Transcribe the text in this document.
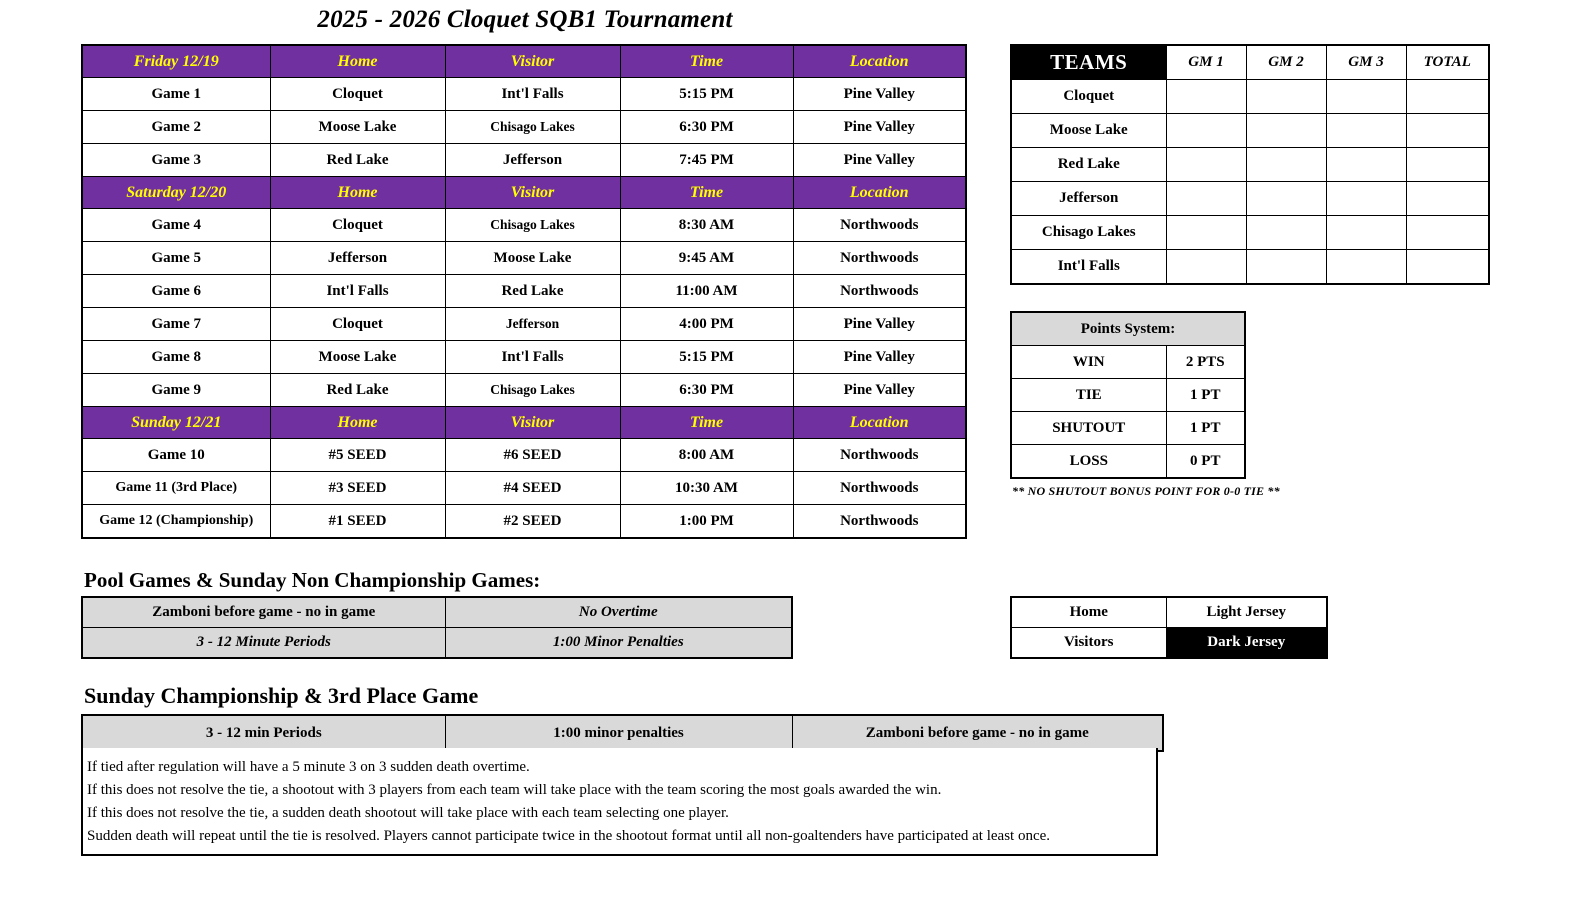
2025 - 2026 Cloquet SQB1 Tournament
Friday 12/19	Home	Visitor	Time	Location
Game 1	Cloquet	Int'l Falls	5:15 PM	Pine Valley
Game 2	Moose Lake	Chisago Lakes	6:30 PM	Pine Valley
Game 3	Red Lake	Jefferson	7:45 PM	Pine Valley
Saturday 12/20	Home	Visitor	Time	Location
Game 4	Cloquet	Chisago Lakes	8:30 AM	Northwoods
Game 5	Jefferson	Moose Lake	9:45 AM	Northwoods
Game 6	Int'l Falls	Red Lake	11:00 AM	Northwoods
Game 7	Cloquet	Jefferson	4:00 PM	Pine Valley
Game 8	Moose Lake	Int'l Falls	5:15 PM	Pine Valley
Game 9	Red Lake	Chisago Lakes	6:30 PM	Pine Valley
Sunday 12/21	Home	Visitor	Time	Location
Game 10	#5 SEED	#6 SEED	8:00 AM	Northwoods
Game 11 (3rd Place)	#3 SEED	#4 SEED	10:30 AM	Northwoods
Game 12 (Championship)	#1 SEED	#2 SEED	1:00 PM	Northwoods
TEAMS	GM 1	GM 2	GM 3	TOTAL
Cloquet				
Moose Lake				
Red Lake				
Jefferson				
Chisago Lakes				
Int'l Falls				
Points System:	
WIN	2 PTS
TIE	1 PT
SHUTOUT	1 PT
LOSS	0 PT
** NO SHUTOUT BONUS POINT FOR 0-0 TIE **
Pool Games & Sunday Non Championship Games:
Zamboni before game - no in game	No Overtime
3 - 12 Minute Periods	1:00 Minor Penalties
Home	Light Jersey
Visitors	Dark Jersey
Sunday Championship & 3rd Place Game
3 - 12 min Periods	1:00 minor penalties	Zamboni before game - no in game
If tied after regulation will have a 5 minute 3 on 3 sudden death overtime.
If this does not resolve the tie, a shootout with 3 players from each team will take place with the team scoring the most goals awarded the win.
If this does not resolve the tie, a sudden death shootout will take place with each team selecting one player.
Sudden death will repeat until the tie is resolved. Players cannot participate twice in the shootout format until all non-goaltenders have participated at least once.
